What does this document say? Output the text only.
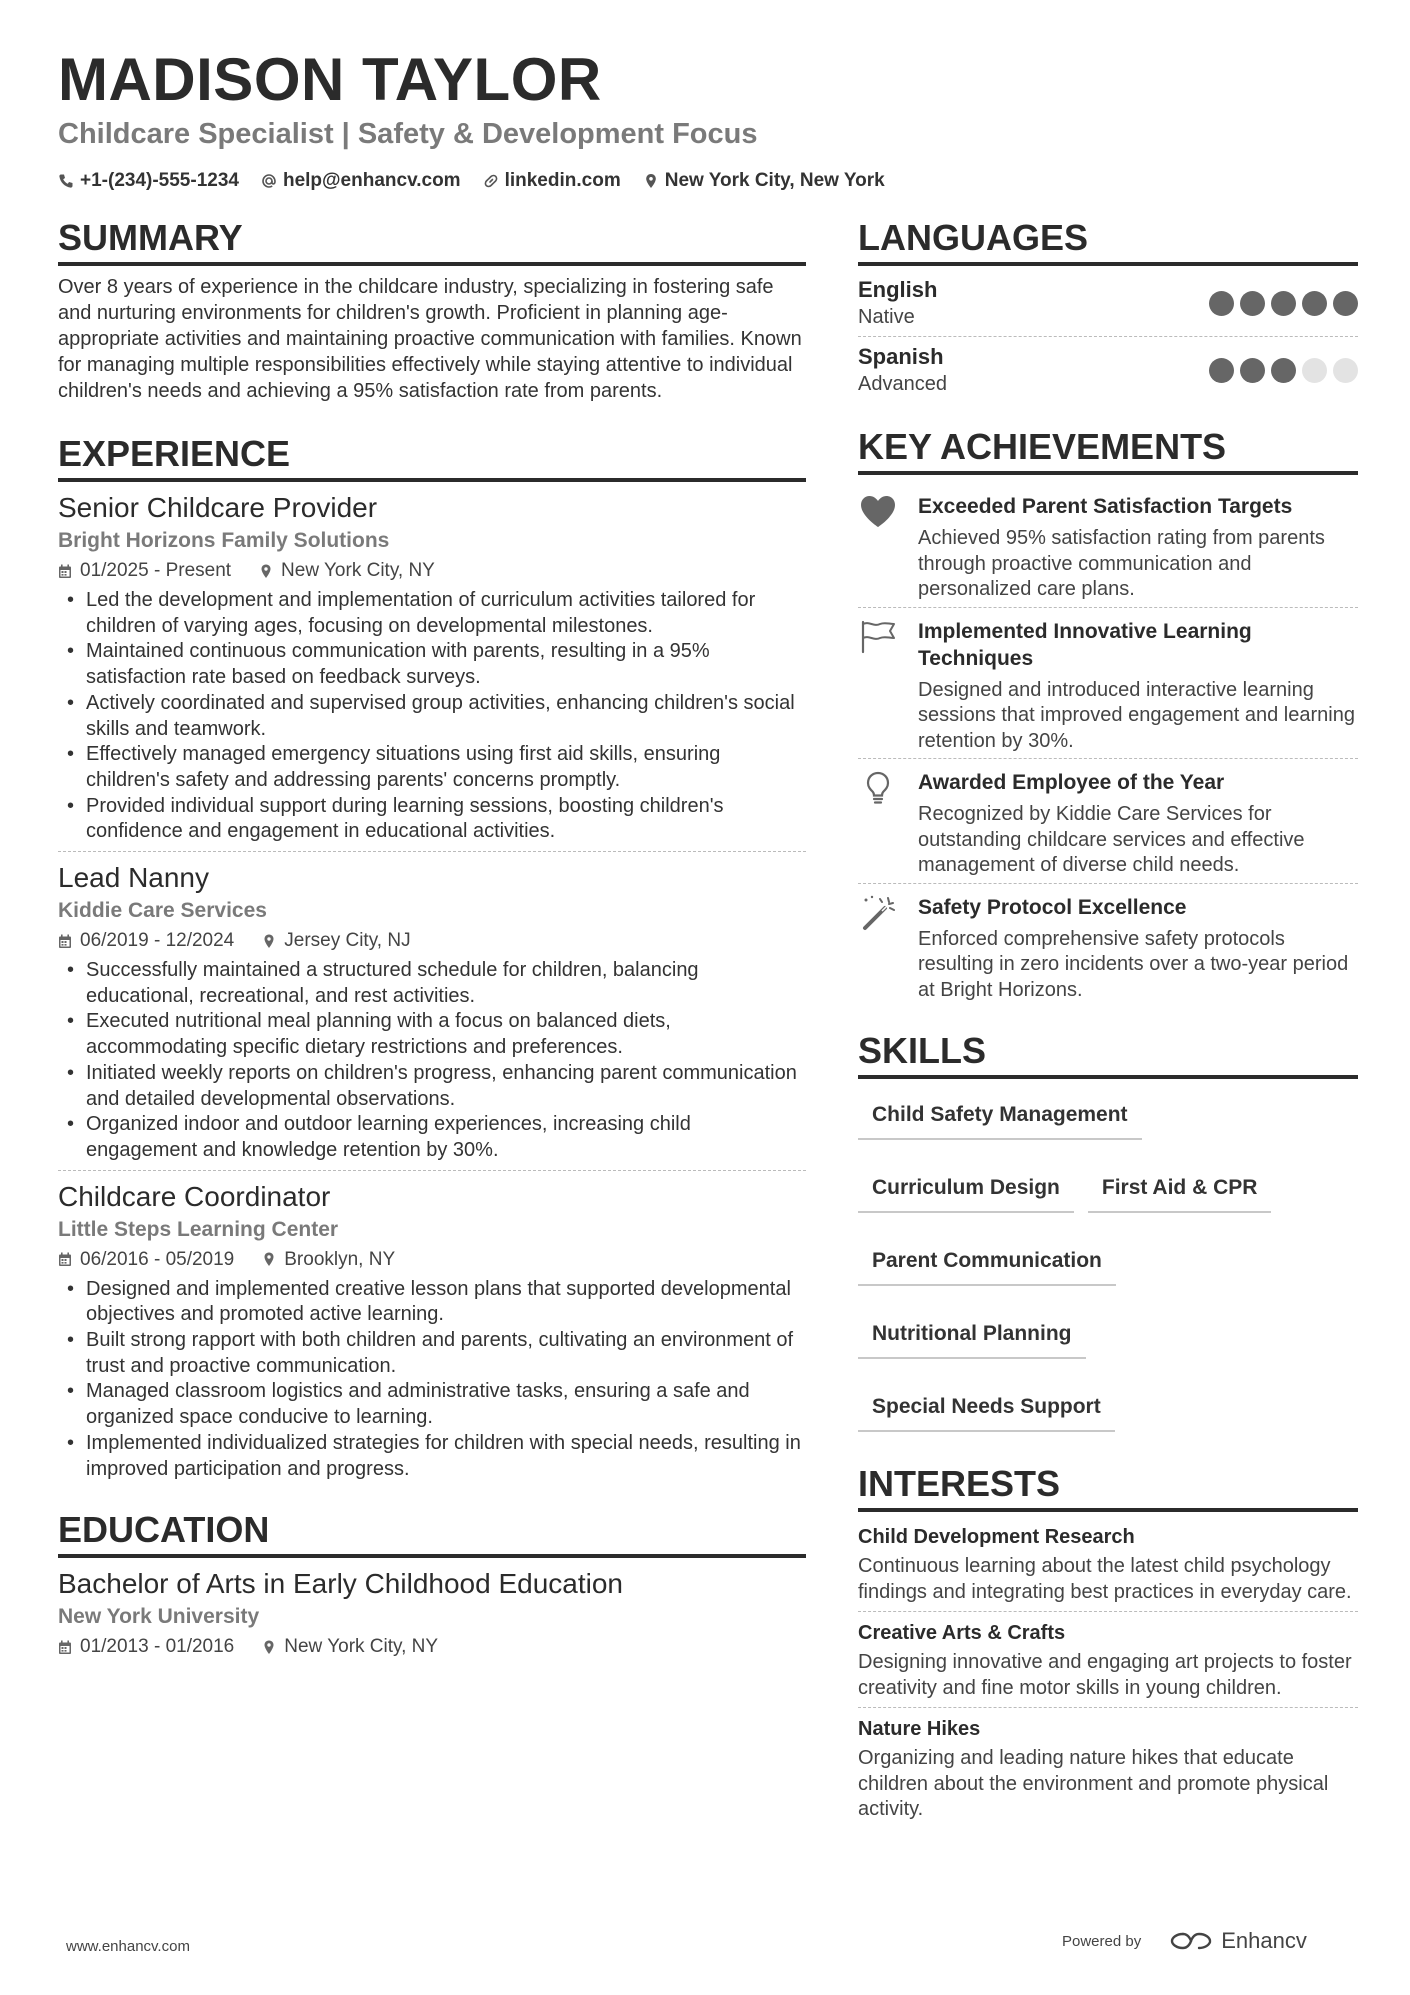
MADISON TAYLOR
Childcare Specialist | Safety & Development Focus
+1-(234)-555-1234 help@enhancv.com linkedin.com New York City, New York
SUMMARY

Over 8 years of experience in the childcare industry, specializing in fostering safe and nurturing environments for children's growth. Proficient in planning age-appropriate activities and maintaining proactive communication with families. Known for managing multiple responsibilities effectively while staying attentive to individual children's needs and achieving a 95% satisfaction rate from parents.

EXPERIENCE
Senior Childcare Provider
Bright Horizons Family Solutions
01/2025 - Present	New York City, NY
• Led the development and implementation of curriculum activities tailored for children of varying ages, focusing on developmental milestones.
• Maintained continuous communication with parents, resulting in a 95% satisfaction rate based on feedback surveys.
• Actively coordinated and supervised group activities, enhancing children's social skills and teamwork.
• Effectively managed emergency situations using first aid skills, ensuring children's safety and addressing parents' concerns promptly.
• Provided individual support during learning sessions, boosting children's confidence and engagement in educational activities.
Lead Nanny
Kiddie Care Services
06/2019 - 12/2024	Jersey City, NJ
• Successfully maintained a structured schedule for children, balancing educational, recreational, and rest activities.
• Executed nutritional meal planning with a focus on balanced diets, accommodating specific dietary restrictions and preferences.
• Initiated weekly reports on children's progress, enhancing parent communication and detailed developmental observations.
• Organized indoor and outdoor learning experiences, increasing child engagement and knowledge retention by 30%.
Childcare Coordinator
Little Steps Learning Center
06/2016 - 05/2019	Brooklyn, NY
• Designed and implemented creative lesson plans that supported developmental objectives and promoted active learning.
• Built strong rapport with both children and parents, cultivating an environment of trust and proactive communication.
• Managed classroom logistics and administrative tasks, ensuring a safe and organized space conducive to learning.
• Implemented individualized strategies for children with special needs, resulting in improved participation and progress.
EDUCATION
Bachelor of Arts in Early Childhood Education
New York University
01/2013 - 01/2016	New York City, NY
LANGUAGES
English
Native
Spanish
Advanced
KEY ACHIEVEMENTS
Exceeded Parent Satisfaction Targets
Achieved 95% satisfaction rating from parents through proactive communication and personalized care plans.
Implemented Innovative Learning Techniques
Designed and introduced interactive learning sessions that improved engagement and learning retention by 30%.
Awarded Employee of the Year
Recognized by Kiddie Care Services for outstanding childcare services and effective management of diverse child needs.
Safety Protocol Excellence
Enforced comprehensive safety protocols resulting in zero incidents over a two-year period at Bright Horizons.
SKILLS
Child Safety Management
Curriculum Design	First Aid & CPR
Parent Communication
Nutritional Planning
Special Needs Support
INTERESTS
Child Development Research
Continuous learning about the latest child psychology findings and integrating best practices in everyday care.
Creative Arts & Crafts
Designing innovative and engaging art projects to foster creativity and fine motor skills in young children.
Nature Hikes
Organizing and leading nature hikes that educate children about the environment and promote physical activity.
www.enhancv.com	Powered by	Enhancv
